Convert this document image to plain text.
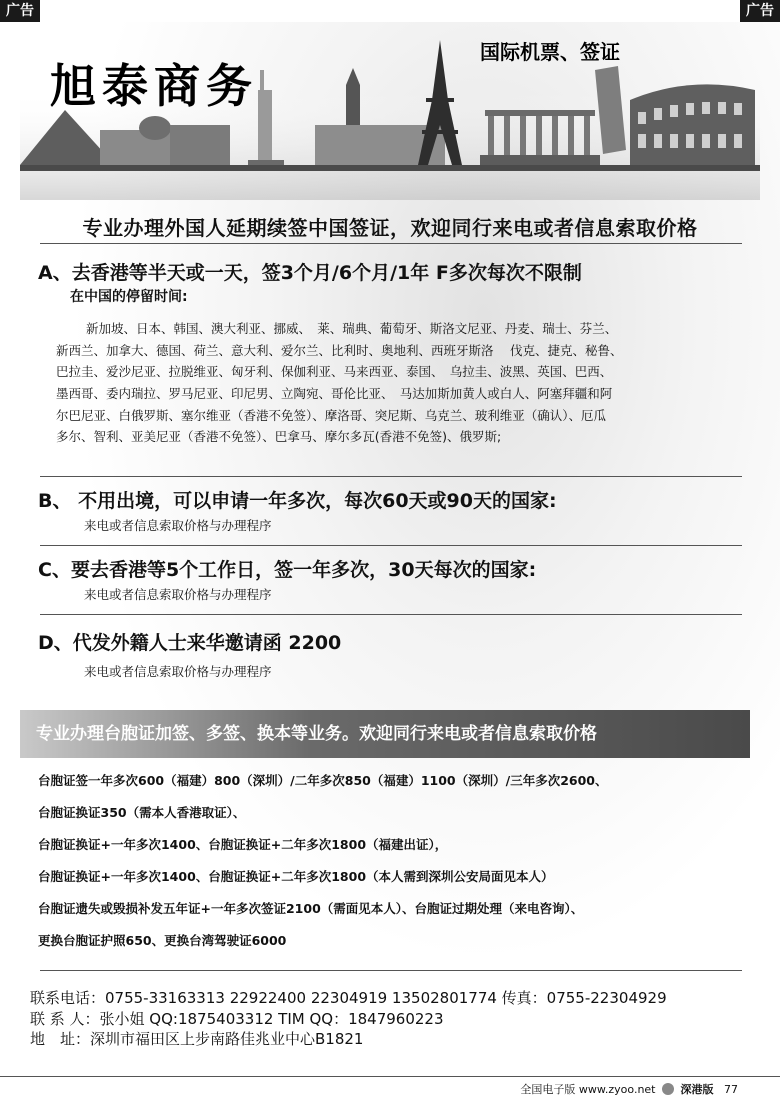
广告	广告
旭泰商务
国际机票、签证
专业办理外国人延期续签中国签证，欢迎同行来电或者信息索取价格
A、去香港等半天或一天，签3个月/6个月/1年 F多次每次不限制
在中国的停留时间:
新加坡、日本、韩国、澳大利亚、挪威、　莱、瑞典、葡萄牙、斯洛文尼亚、丹麦、瑞士、芬兰、
新西兰、加拿大、德国、荷兰、意大利、爱尔兰、比利时、奥地利、西班牙斯洛　 伐克、捷克、秘鲁、
巴拉圭、爱沙尼亚、拉脱维亚、匈牙利、保伽利亚、马来西亚、泰国、　乌拉圭、波黑、英国、巴西、
墨西哥、委内瑞拉、罗马尼亚、印尼男、立陶宛、哥伦比亚、　马达加斯加黄人或白人、阿塞拜疆和阿
尔巴尼亚、白俄罗斯、塞尔维亚（香港不免签）、摩洛哥、突尼斯、乌克兰、玻利维亚（确认）、厄瓜
多尔、智利、亚美尼亚（香港不免签）、巴拿马、摩尔多瓦(香港不免签)、俄罗斯;
B、 不用出境，可以申请一年多次，每次60天或90天的国家:
来电或者信息索取价格与办理程序
C、要去香港等5个工作日，签一年多次，30天每次的国家:
来电或者信息索取价格与办理程序
D、代发外籍人士来华邀请函 2200
来电或者信息索取价格与办理程序
专业办理台胞证加签、多签、换本等业务。欢迎同行来电或者信息索取价格
台胞证签一年多次600（福建）800（深圳）/二年多次850（福建）1100（深圳）/三年多次2600、
台胞证换证350（需本人香港取证）、
台胞证换证+一年多次1400、台胞证换证+二年多次1800（福建出证），
台胞证换证+一年多次1400、台胞证换证+二年多次1800（本人需到深圳公安局面见本人）
台胞证遗失或毁损补发五年证+一年多次签证2100（需面见本人）、台胞证过期处理（来电咨询）、
更换台胞证护照650、更换台湾驾驶证6000
联系电话：0755-33163313 22922400 22304919 13502801774 传真：0755-22304929
联 系 人：张小姐 QQ:1875403312 TIM QQ：1847960223
地　址：深圳市福田区上步南路佳兆业中心B1821
全国电子版 www.zyoo.net 深港版 77
